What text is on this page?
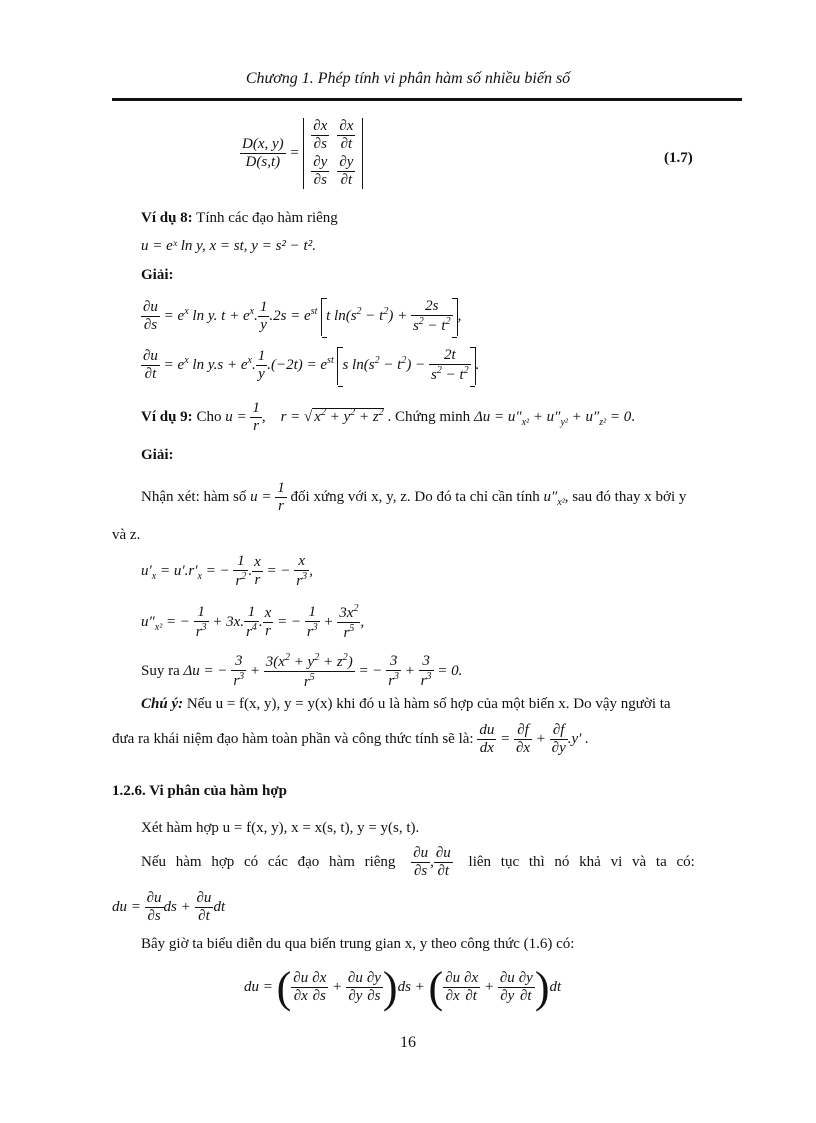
Chương 1. Phép tính vi phân hàm số nhiều biến số
$\frac{D(x, y)}{D(s,t)} = \frac{\partial x}{\partial s}$	$\frac{\partial x}{\partial t}$

$\frac{\partial y}{\partial s}$	$\frac{\partial y}{\partial t}$	(1.7)
Ví dụ 8: Tính các đạo hàm riêng
u = eˣ ln y, x = st, y = s² − t².
Giải:
$\frac{\partial u}{\partial s} = e^x$ ln y. $t + e^x$. $\frac{1}{y} .2s = e^{st}$ t $\ln(s^2 - t^2) + \frac{2s}{s^2 - t^2}$ ,
$\frac{\partial u}{\partial t} = e^x$ $\ln y.s + e^x$. $\frac{1}{y} .(-2t) = e^{st}$ s $\ln(s^2 - t^2) - \frac{2t}{s^2 - t^2}$ .
Ví dụ 9: Cho $u = \frac{1}{r}$ ,    r = √ $x^2 + y^2 + z^2$ . Chứng minh $\Delta u = u''_{x^2} + u''_{y^2} + u''_{z^2} = 0$.
Giải:
Nhận xét: hàm số $u = \frac{1}{r}$ đối xứng với x, y, z. Do đó ta chỉ cần tính $u''_{x^2}$, sau đó thay x bởi y
và z.
$u'_x = u'.r'_x$ = − $\frac{1}{r^2}$ . $\frac{x}{r}$ = − $\frac{x}{r^3}$ ,
$u''_{x^2}$ = − $\frac{1}{r^3} + 3x$. $\frac{1}{r^4}$ . $\frac{x}{r}$ = − $\frac{1}{r^3} + \frac{3x^2}{r^5}$ ,
Suy ra Δu = − $\frac{3}{r^3} + \frac{3(x^2 + y^2 + z^2)}{r^5}$ = − $\frac{3}{r^3} + \frac{3}{r^3} = 0$.
Chú ý: Nếu u = f(x, y), y = y(x) khi đó u là hàm số hợp của một biến x. Do vậy người ta
đưa ra khái niệm đạo hàm toàn phần và công thức tính sẽ là: $\frac{du}{dx} = \frac{\partial f}{\partial x} + \frac{\partial f}{\partial y} .y'$ .
1.2.6. Vi phân của hàm hợp
Xét hàm hợp u = f(x, y), x = x(s, t), y = y(s, t).
Nếu hàm hợp có các đạo hàm riêng $\frac{\partial u}{\partial s}$ , $\frac{\partial u}{\partial t}$ liên tục thì nó khả vi và ta có:
du = $\frac{\partial u}{\partial s}$ ds + $\frac{\partial u}{\partial t}$ dt
Bây giờ ta biểu diễn du qua biến trung gian x, y theo công thức (1.6) có:
du = ( $\frac{\partial u}{\partial x} \frac{\partial x}{\partial s} + \frac{\partial u}{\partial y} \frac{\partial y}{\partial s} )ds$ + ( $\frac{\partial u}{\partial x} \frac{\partial x}{\partial t} + \frac{\partial u}{\partial y} \frac{\partial y}{\partial t} )dt$
16
